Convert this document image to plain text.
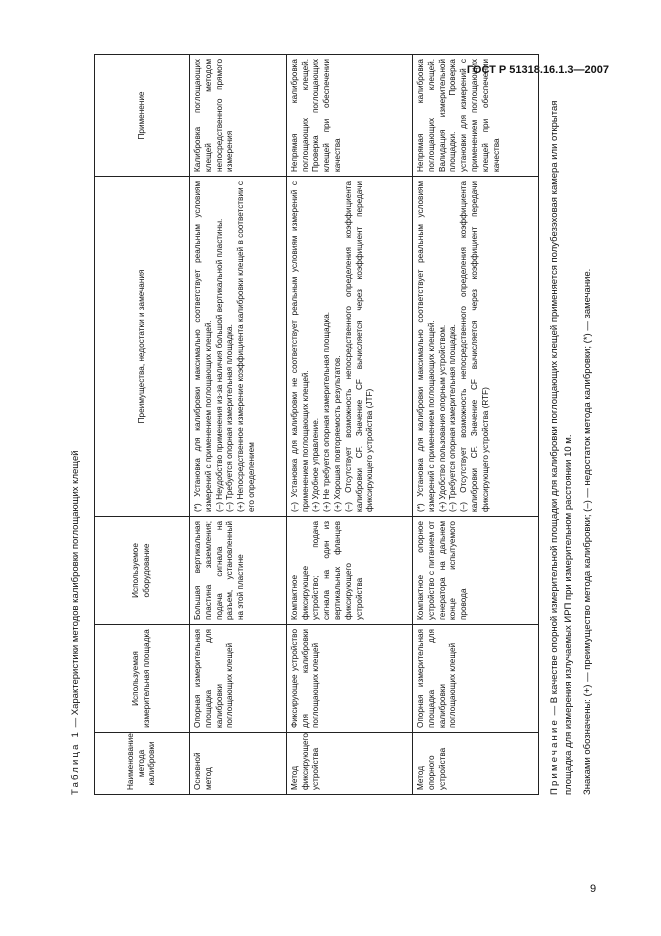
ГОСТ Р 51318.16.1.3—2007
Таблица 1 — Характеристики методов калибровки поглощающих клещей
Наименование метода калибровки	Используемая измерительная площадка	Используемое оборудование	Преимущества, недостатки и замечания	Применение
Основной метод	Опорная измерительная площадка для калибровки поглощающих клещей	Большая вертикальная пластина заземления; подача сигнала на разъем, установленный на этой пластине	(*) Установка для калибровки максимально соответствует реальным условиям измерений с применением поглощающих клещей. (–) Неудобство применения из-за наличия большой вертикальной пластины. (–) Требуется опорная измерительная площадка. (+) Непосредственное измерение коэффициента калибровки клещей в соответствии с его определением	Калибровка поглощающих клещей методом непосредственного прямого измерения
Метод фиксирующего устройства	Фиксирующее устройство для калибровки поглощающих клещей	Компактное фиксирующее устройство; подача сигнала на один из вертикальных фланцев фиксирующего устройства	(–) Установка для калибровки не соответствует реальным условиям измерений с применением поглощающих клещей. (+) Удобное управление. (+) Не требуется опорная измерительная площадка. (+) Хорошая повторяемость результатов. (–) Отсутствует возможность непосредственного определения коэффициента калибровки CF. Значение CF вычисляется через коэффициент передачи фиксирующего устройства (JTF)	Непрямая калибровка поглощающих клещей. Проверка поглощающих клещей при обеспечении качества
Метод опорного устройства	Опорная измерительная площадка для калибровки поглощающих клещей	Компактное опорное устройство с питанием от генератора на дальнем конце испытуемого провода	(*) Установка для калибровки максимально соответствует реальным условиям измерений с применением поглощающих клещей. (+) Удобство пользования опорным устройством. (–) Требуется опорная измерительная площадка. (–) Отсутствует возможность непосредственного определения коэффициента калибровки CF. Значение CF вычисляется через коэффициент передачи фиксирующего устройства (RTF)	Непрямая калибровка поглощающих клещей. Валидация измерительной площадки. Проверка установки для измерений с применением поглощающих клещей при обеспечении качества
Примечание — В качестве опорной измерительной площадки для калибровки поглощающих клещей применяется полубезэховая камера или открытая площадка для измерения излучаемых ИРП при измерительном расстоянии 10 м. Знаками обозначены: (+) — преимущество метода калибровки; (–) — недостаток метода калибровки; (*) — замечание.
9
